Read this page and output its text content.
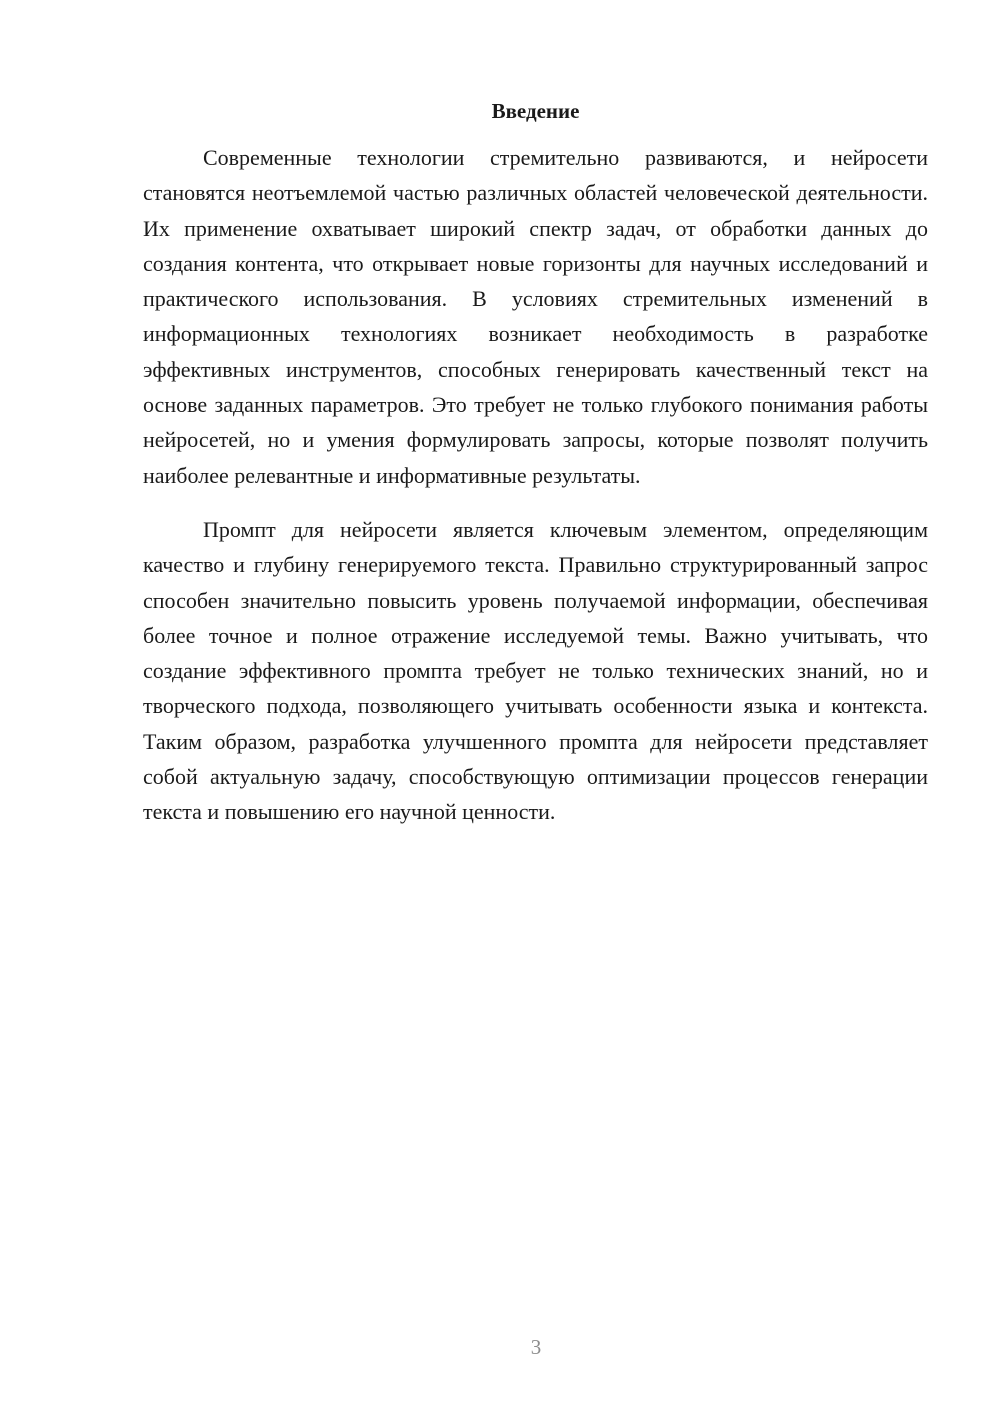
Введение

Современные технологии стремительно развиваются, и нейросети становятся неотъемлемой частью различных областей человеческой деятельности. Их применение охватывает широкий спектр задач, от обработки данных до создания контента, что открывает новые горизонты для научных исследований и практического использования. В условиях стремительных изменений в информационных технологиях возникает необходимость в разработке эффективных инструментов, способных генерировать качественный текст на основе заданных параметров. Это требует не только глубокого понимания работы нейросетей, но и умения формулировать запросы, которые позволят получить наиболее релевантные и информативные результаты.

Промпт для нейросети является ключевым элементом, определяющим качество и глубину генерируемого текста. Правильно структурированный запрос способен значительно повысить уровень получаемой информации, обеспечивая более точное и полное отражение исследуемой темы. Важно учитывать, что создание эффективного промпта требует не только технических знаний, но и творческого подхода, позволяющего учитывать особенности языка и контекста. Таким образом, разработка улучшенного промпта для нейросети представляет собой актуальную задачу, способствующую оптимизации процессов генерации текста и повышению его научной ценности.

3
